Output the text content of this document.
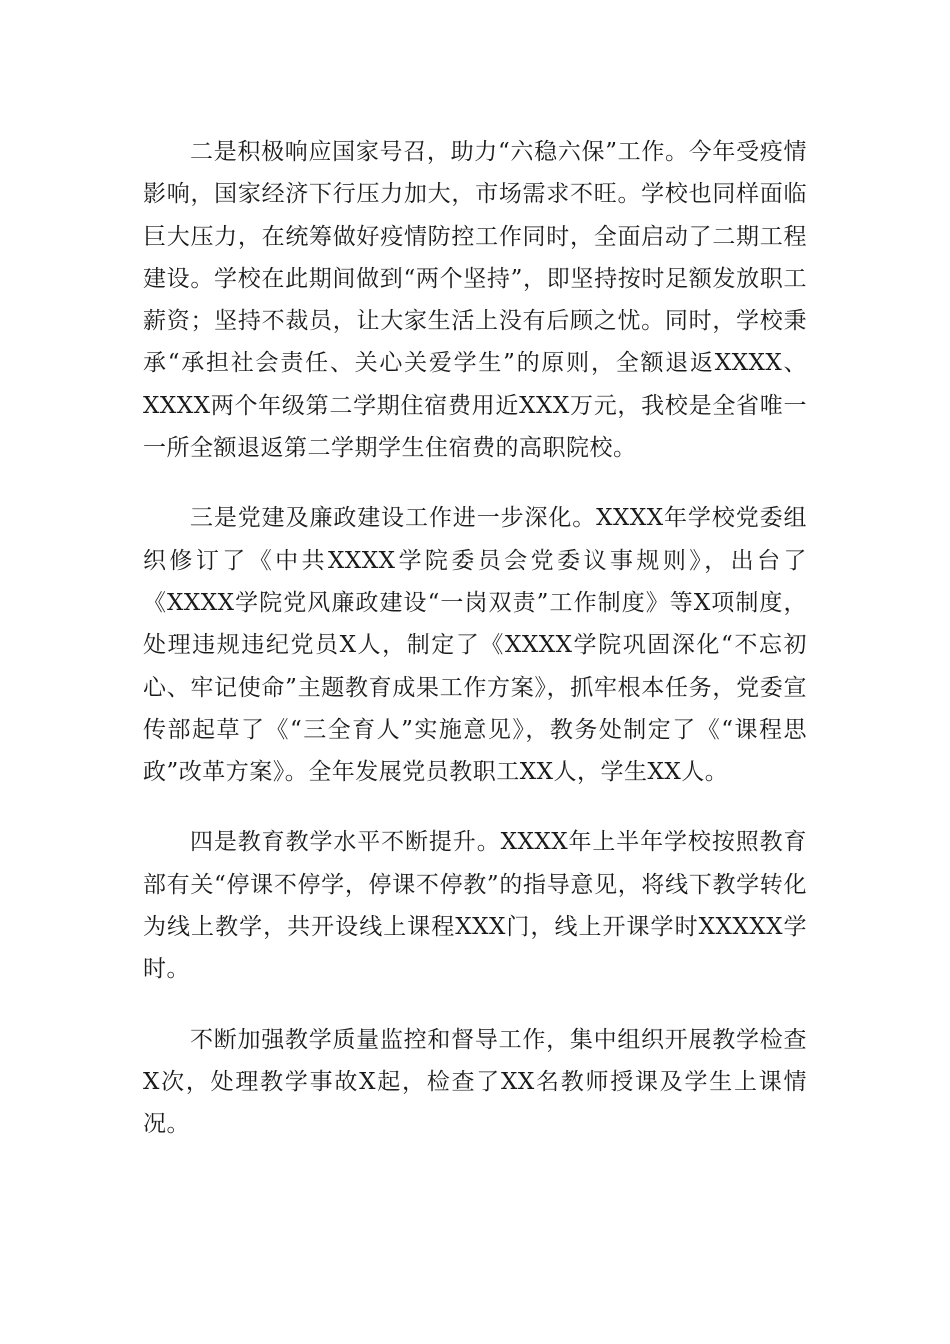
二是积极响应国家号召，助力“六稳六保”工作。今年受疫情影响，国家经济下行压力加大，市场需求不旺。学校也同样面临巨大压力，在统筹做好疫情防控工作同时，全面启动了二期工程建设。学校在此期间做到“两个坚持”，即坚持按时足额发放职工薪资；坚持不裁员，让大家生活上没有后顾之忧。同时，学校秉承“承担社会责任、关心关爱学生”的原则，全额退返XXXX、XXXX两个年级第二学期住宿费用近XXX万元，我校是全省唯一一所全额退返第二学期学生住宿费的高职院校。

三是党建及廉政建设工作进一步深化。XXXX年学校党委组织修订了《中共XXXX学院委员会党委议事规则》，出台了《XXXX学院党风廉政建设“一岗双责”工作制度》等X项制度，处理违规违纪党员X人，制定了《XXXX学院巩固深化“不忘初心、牢记使命”主题教育成果工作方案》，抓牢根本任务，党委宣传部起草了《“三全育人”实施意见》，教务处制定了《“课程思政”改革方案》。全年发展党员教职工XX人，学生XX人。

四是教育教学水平不断提升。XXXX年上半年学校按照教育部有关“停课不停学，停课不停教”的指导意见，将线下教学转化为线上教学，共开设线上课程XXX门，线上开课学时XXXXX学时。

不断加强教学质量监控和督导工作，集中组织开展教学检查X次，处理教学事故X起，检查了XX名教师授课及学生上课情况。
